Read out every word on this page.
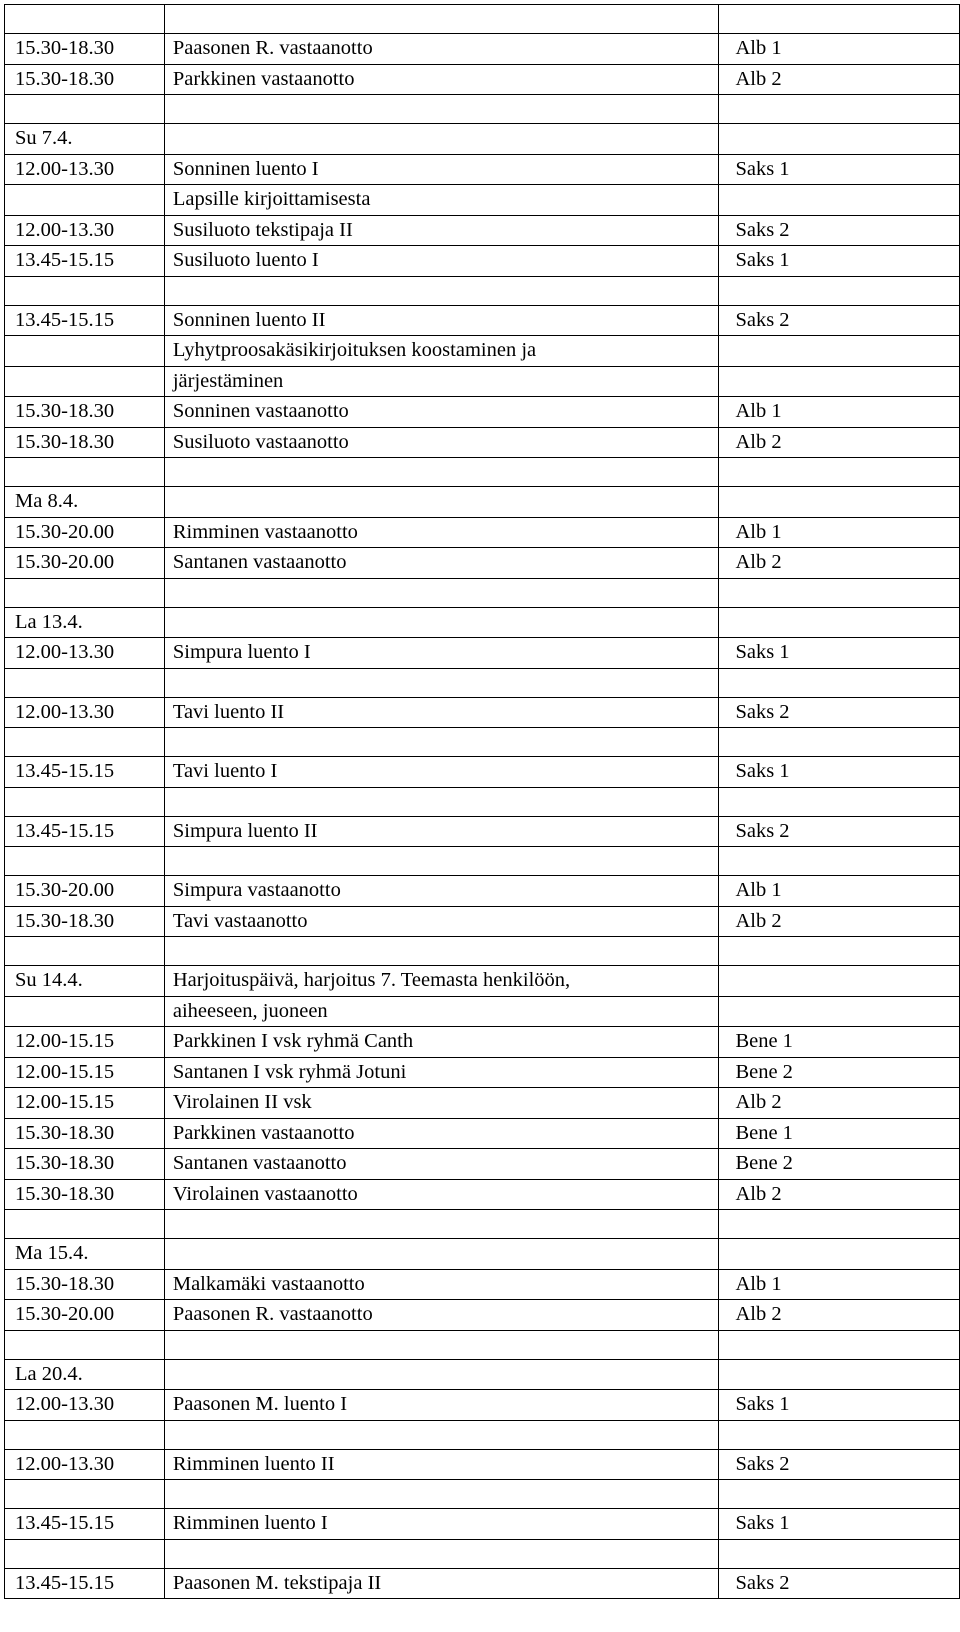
15.30-18.30	Paasonen R. vastaanotto	Alb 1
15.30-18.30	Parkkinen vastaanotto	Alb 2

Su 7.4.		
12.00-13.30	Sonninen luento I	Saks 1
	Lapsille kirjoittamisesta	
12.00-13.30	Susiluoto tekstipaja II	Saks 2
13.45-15.15	Susiluoto luento I	Saks 1

13.45-15.15	Sonninen luento II	Saks 2
	Lyhytproosakäsikirjoituksen koostaminen ja	
	järjestäminen	
15.30-18.30	Sonninen vastaanotto	Alb 1
15.30-18.30	Susiluoto vastaanotto	Alb 2

Ma 8.4.		
15.30-20.00	Rimminen vastaanotto	Alb 1
15.30-20.00	Santanen vastaanotto	Alb 2

La 13.4.		
12.00-13.30	Simpura luento I	Saks 1

12.00-13.30	Tavi luento II	Saks 2

13.45-15.15	Tavi luento I	Saks 1

13.45-15.15	Simpura luento II	Saks 2

15.30-20.00	Simpura vastaanotto	Alb 1
15.30-18.30	Tavi vastaanotto	Alb 2

Su 14.4.	Harjoituspäivä, harjoitus 7. Teemasta henkilöön,	
	aiheeseen, juoneen	
12.00-15.15	Parkkinen I vsk ryhmä Canth	Bene 1
12.00-15.15	Santanen I vsk ryhmä Jotuni	Bene 2
12.00-15.15	Virolainen II vsk	Alb 2
15.30-18.30	Parkkinen vastaanotto	Bene 1
15.30-18.30	Santanen vastaanotto	Bene 2
15.30-18.30	Virolainen vastaanotto	Alb 2

Ma 15.4.		
15.30-18.30	Malkamäki vastaanotto	Alb 1
15.30-20.00	Paasonen R. vastaanotto	Alb 2

La 20.4.		
12.00-13.30	Paasonen M. luento I	Saks 1

12.00-13.30	Rimminen luento II	Saks 2

13.45-15.15	Rimminen luento I	Saks 1

13.45-15.15	Paasonen M. tekstipaja II	Saks 2
